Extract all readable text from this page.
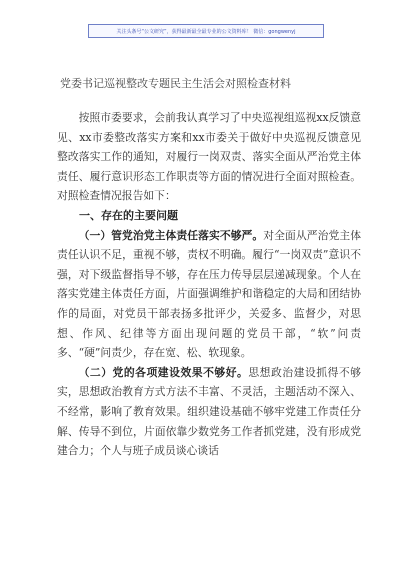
关注头条号“公文研究”，获得最新最全最专业的公文资料库！ 微信：gongwenyj
党委书记巡视整改专题民主生活会对照检查材料

按照市委要求，会前我认真学习了中央巡视组巡视xx反馈意见、xx市委整改落实方案和xx市委关于做好中央巡视反馈意见整改落实工作的通知，对履行一岗双责、落实全面从严治党主体责任、履行意识形态工作职责等方面的情况进行全面对照检查。对照检查情况报告如下：

一、存在的主要问题

（一）管党治党主体责任落实不够严。对全面从严治党主体责任认识不足，重视不够，责权不明确。履行“一岗双责”意识不强，对下级监督指导不够，存在压力传导层层递减现象。个人在落实党建主体责任方面，片面强调维护和谐稳定的大局和团结协作的局面，对党员干部表扬多批评少，关爱多、监督少，对思想、作风、纪律等方面出现问题的党员干部，“软”问责多、“硬”问责少，存在宽、松、软现象。

（二）党的各项建设效果不够好。思想政治建设抓得不够实，思想政治教育方式方法不丰富、不灵活，主题活动不深入、不经常，影响了教育效果。组织建设基础不够牢党建工作责任分解、传导不到位，片面依靠少数党务工作者抓党建，没有形成党建合力；个人与班子成员谈心谈话
